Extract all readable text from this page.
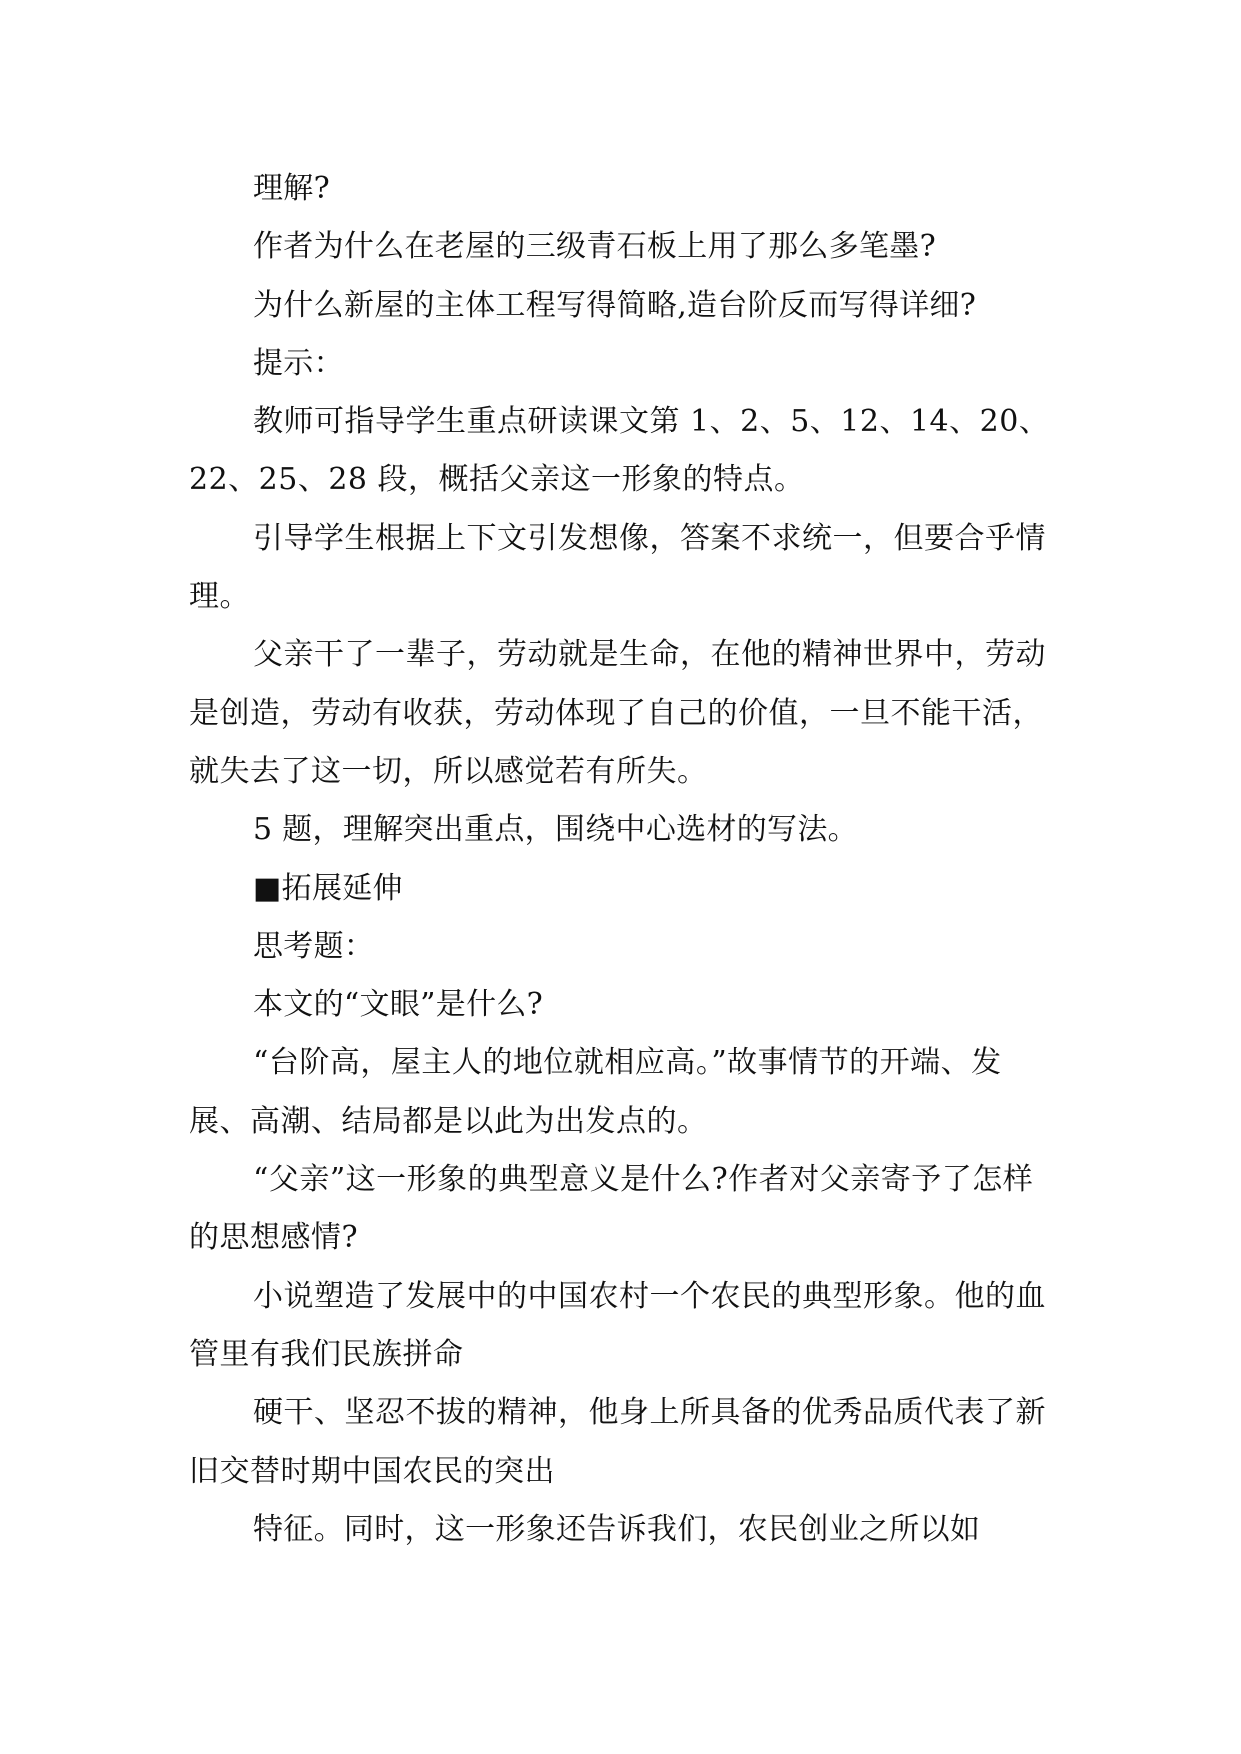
理解?

作者为什么在老屋的三级青石板上用了那么多笔墨?

为什么新屋的主体工程写得简略,造台阶反而写得详细?

提示：

教师可指导学生重点研读课文第 1、2、5、12、14、20、22、25、28 段，概括父亲这一形象的特点。

引导学生根据上下文引发想像，答案不求统一，但要合乎情理。

父亲干了一辈子，劳动就是生命，在他的精神世界中，劳动是创造，劳动有收获，劳动体现了自己的价值，一旦不能干活，就失去了这一切，所以感觉若有所失。

5 题，理解突出重点，围绕中心选材的写法。

■拓展延伸

思考题：

本文的“文眼”是什么?

“台阶高，屋主人的地位就相应高。”故事情节的开端、发展、高潮、结局都是以此为出发点的。

“父亲”这一形象的典型意义是什么?作者对父亲寄予了怎样的思想感情?

小说塑造了发展中的中国农村一个农民的典型形象。他的血管里有我们民族拼命

硬干、坚忍不拔的精神，他身上所具备的优秀品质代表了新旧交替时期中国农民的突出

特征。同时，这一形象还告诉我们，农民创业之所以如
